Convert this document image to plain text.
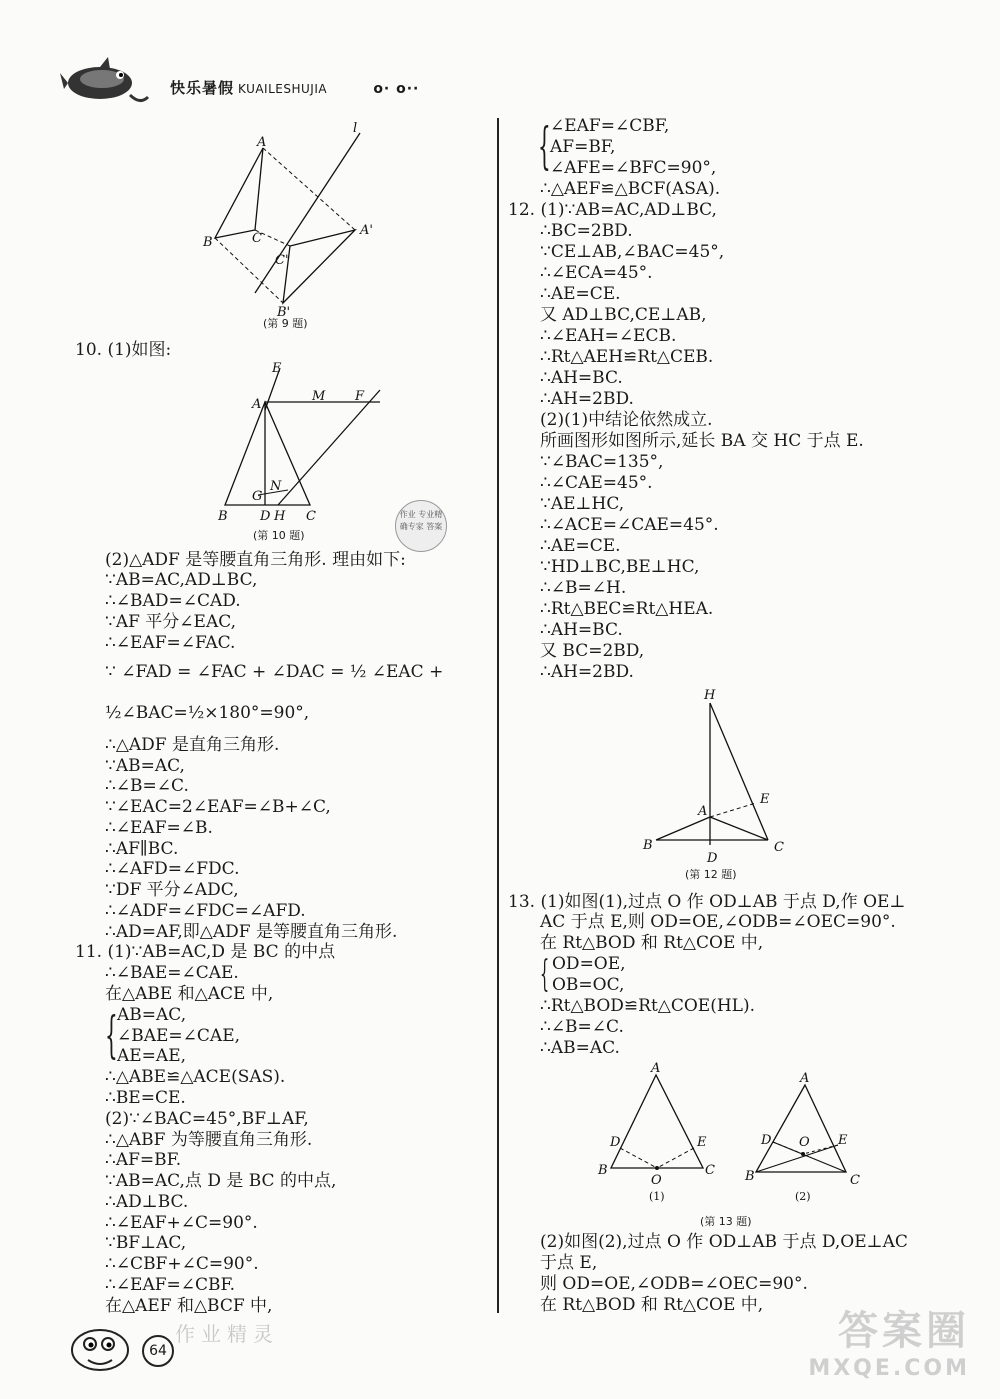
快乐暑假 KUAILESHUJIA	o· o··
A
l
B	C
C'
A'
B'
(第 9 题)
10. (1)如图:
E
A
M F
N
G
B D H C
(第 10 题)
(2)△ADF 是等腰直角三角形. 理由如下:
∵AB=AC,AD⊥BC,
∴∠BAD=∠CAD.
∵AF 平分∠EAC,
∴∠EAF=∠FAC.
∵ ∠FAD = ∠FAC + ∠DAC = ½ ∠EAC +
½∠BAC=½×180°=90°,
∴△ADF 是直角三角形.
∵AB=AC,
∴∠B=∠C.
∵∠EAC=2∠EAF=∠B+∠C,
∴∠EAF=∠B.
∴AF∥BC.
∴∠AFD=∠FDC.
∵DF 平分∠ADC,
∴∠ADF=∠FDC=∠AFD.
∴AD=AF,即△ADF 是等腰直角三角形.
11. (1)∵AB=AC,D 是 BC 的中点
∴∠BAE=∠CAE.
在△ABE 和△ACE 中,
{ AB=AC,
∠BAE=∠CAE,
AE=AE,
∴△ABE≌△ACE(SAS).
∴BE=CE.
(2)∵∠BAC=45°,BF⊥AF,
∴△ABF 为等腰直角三角形.
∴AF=BF.
∵AB=AC,点 D 是 BC 的中点,
∴AD⊥BC.
∴∠EAF+∠C=90°.
∵BF⊥AC,
∴∠CBF+∠C=90°.
∴∠EAF=∠CBF.
在△AEF 和△BCF 中,
作业 专业精确专家 答案
作业精灵
{ ∠EAF=∠CBF,
AF=BF,
∠AFE=∠BFC=90°,
∴△AEF≌△BCF(ASA).
12. (1)∵AB=AC,AD⊥BC,
∴BC=2BD.
∵CE⊥AB,∠BAC=45°,
∴∠ECA=45°.
∴AE=CE.
又 AD⊥BC,CE⊥AB,
∴∠EAH=∠ECB.
∴Rt△AEH≌Rt△CEB.
∴AH=BC.
∴AH=2BD.
(2)(1)中结论依然成立.
所画图形如图所示,延长 BA 交 HC 于点 E.
∵∠BAC=135°,
∴∠CAE=45°.
∵AE⊥HC,
∴∠ACE=∠CAE=45°.
∴AE=CE.
∵HD⊥BC,BE⊥HC,
∴∠B=∠H.
∴Rt△BEC≌Rt△HEA.
∴AH=BC.
又 BC=2BD,
∴AH=2BD.
H
E
A
B
D
C
(第 12 题)
13. (1)如图(1),过点 O 作 OD⊥AB 于点 D,作 OE⊥
AC 于点 E,则 OD=OE,∠ODB=∠OEC=90°.
在 Rt△BOD 和 Rt△COE 中,
{ OD=OE,
OB=OC,
∴Rt△BOD≌Rt△COE(HL).
∴∠B=∠C.
∴AB=AC.
A
D	E
B
O
C
(1)
A
D O E
B	C
(2)
(第 13 题)
(2)如图(2),过点 O 作 OD⊥AB 于点 D,OE⊥AC
于点 E,
则 OD=OE,∠ODB=∠OEC=90°.
在 Rt△BOD 和 Rt△COE 中,
64	答案圈
MXQE.COM
